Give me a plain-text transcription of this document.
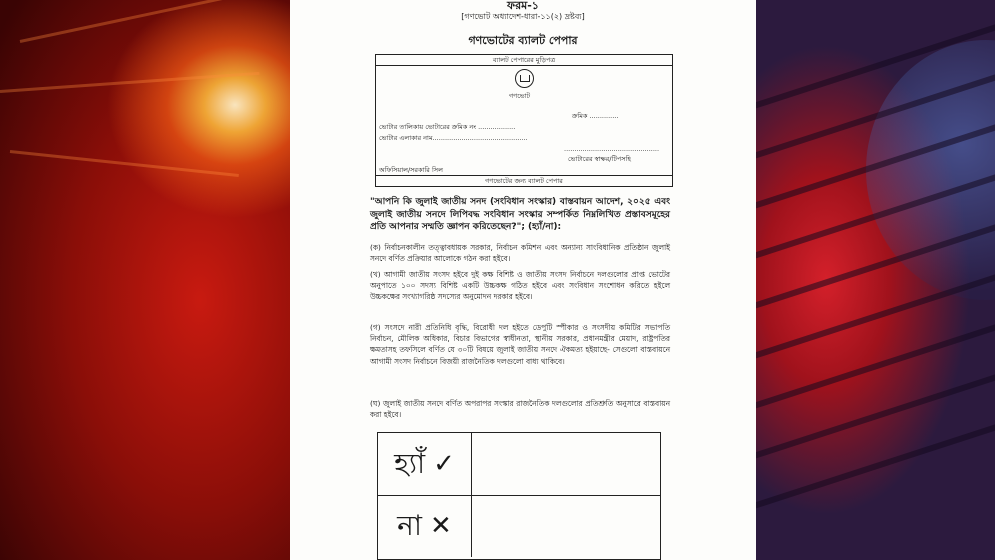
ফরম-১
[গণভোট অধ্যাদেশ-ধারা-১১(২) দ্রষ্টব্য]
গণভোটের ব্যালট পেপার
ব্যালট পেপারের মুড়িপত্র
গণভোট
ক্রমিক ..............
ভোটার তালিকায় ভোটারের ক্রমিক নং ..................
ভোটার এলাকার নাম..............................................
..............................................
ভোটারের স্বাক্ষর/টিপসহি
অফিসিয়াল/সরকারি সিল
গণভোটের জন্য ব্যালট পেপার
"আপনি কি জুলাই জাতীয় সনদ (সংবিধান সংস্কার) বাস্তবায়ন আদেশ, ২০২৫ এবং জুলাই জাতীয় সনদে লিপিবদ্ধ সংবিধান সংস্কার সম্পর্কিত নিম্নলিখিত প্রস্তাবসমূহের প্রতি আপনার সম্মতি জ্ঞাপন করিতেছেন?"; (হ্যাঁ/না):
(ক) নির্বাচনকালীন তত্ত্বাবধায়ক সরকার, নির্বাচন কমিশন এবং অন্যান্য সাংবিধানিক প্রতিষ্ঠান জুলাই সনদে বর্ণিত প্রক্রিয়ার আলোকে গঠন করা হইবে।
(খ) আগামী জাতীয় সংসদ হইবে দুই কক্ষ বিশিষ্ট ও জাতীয় সংসদ নির্বাচনে দলগুলোর প্রাপ্ত ভোটের অনুপাতে ১০০ সদস্য বিশিষ্ট একটি উচ্চকক্ষ গঠিত হইবে এবং সংবিধান সংশোধন করিতে হইলে উচ্চকক্ষের সংখ্যাগরিষ্ঠ সদস্যের অনুমোদন দরকার হইবে।
(গ) সংসদে নারী প্রতিনিধি বৃদ্ধি, বিরোধী দল হইতে ডেপুটি স্পীকার ও সংসদীয় কমিটির সভাপতি নির্বাচন, মৌলিক অধিকার, বিচার বিভাগের স্বাধীনতা, স্থানীয় সরকার, প্রধানমন্ত্রীর মেয়াদ, রাষ্ট্রপতির ক্ষমতাসহ তফসিলে বর্ণিত যে ৩০টি বিষয়ে জুলাই জাতীয় সনদে ঐকমত্য হইয়াছে- সেগুলো বাস্তবায়নে আগামী সংসদ নির্বাচনে বিজয়ী রাজনৈতিক দলগুলো বাধ্য থাকিবে।
(ঘ) জুলাই জাতীয় সনদে বর্ণিত অপরাপর সংস্কার রাজনৈতিক দলগুলোর প্রতিশ্রুতি অনুসারে বাস্তবায়ন করা হইবে।
হ্যাঁ ✓
না ✕
